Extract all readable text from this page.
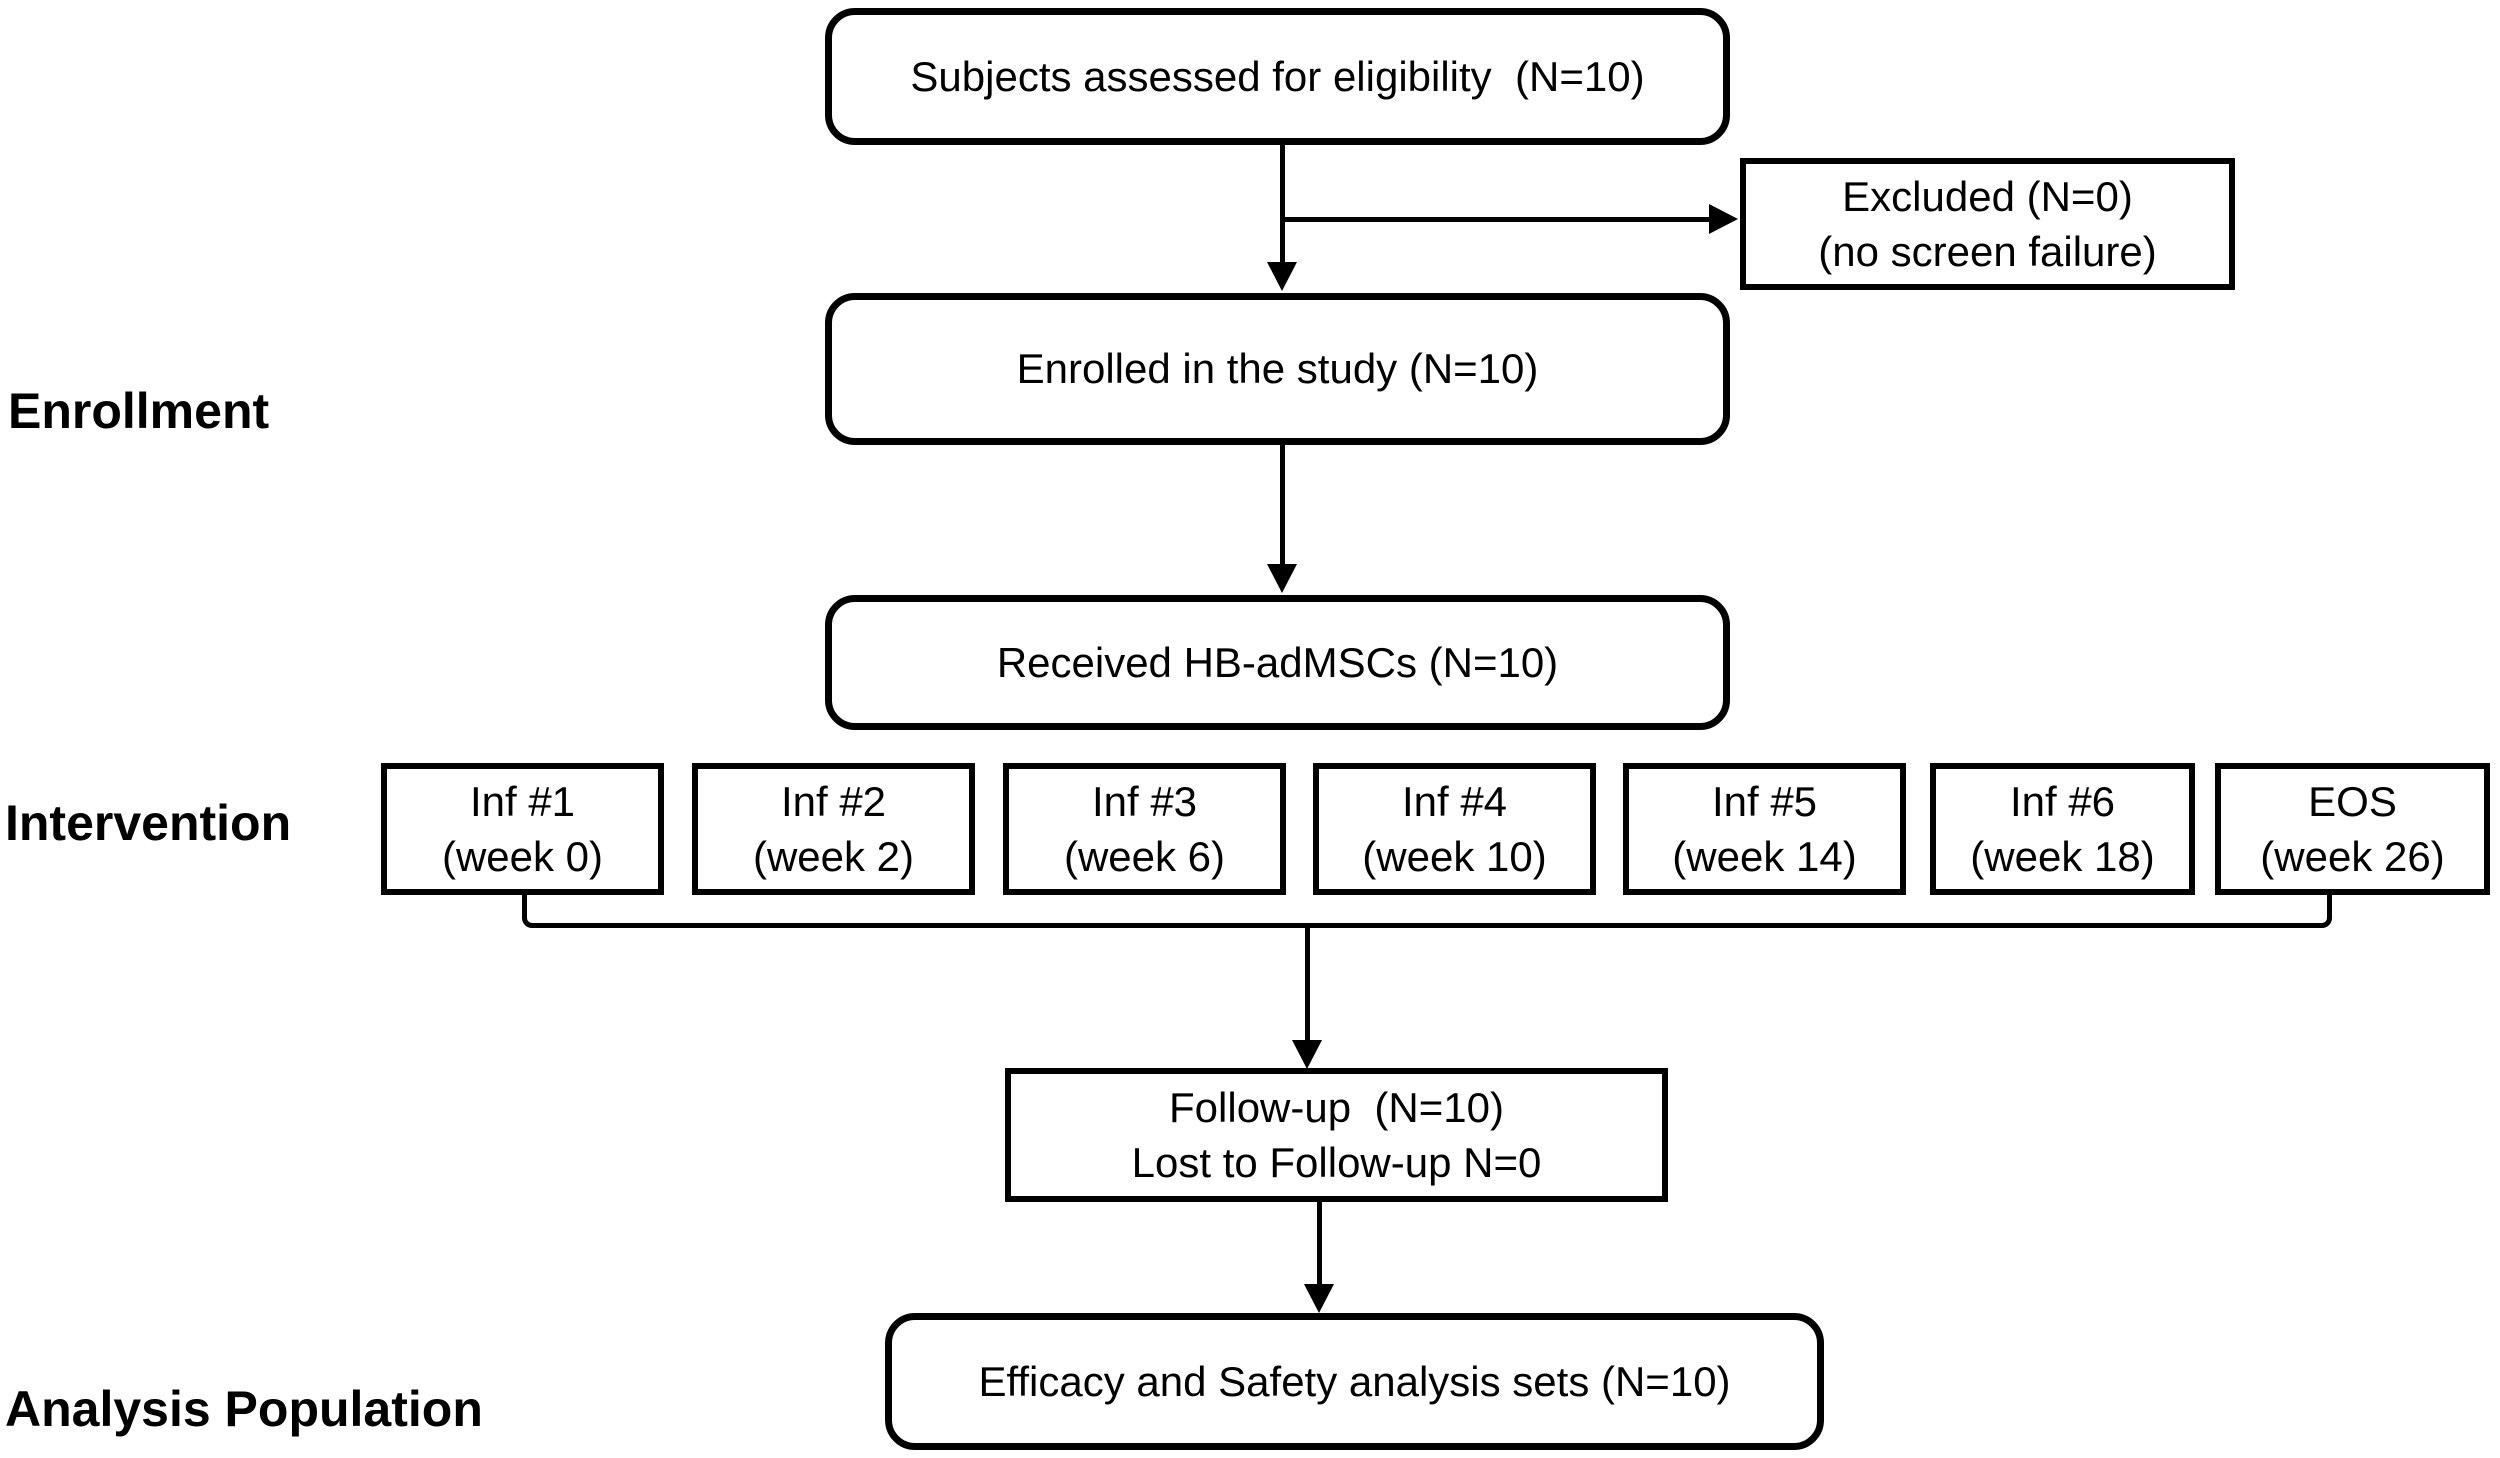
Enrollment
Intervention
Analysis Population
Subjects assessed for eligibility  (N=10)
Excluded (N=0)
(no screen failure)
Enrolled in the study (N=10)
Received HB-adMSCs (N=10)
Inf #1
(week 0)
Inf #2
(week 2)
Inf #3
(week 6)
Inf #4
(week 10)
Inf #5
(week 14)
Inf #6
(week 18)
EOS
(week 26)
Follow-up  (N=10)
Lost to Follow-up N=0
Efficacy and Safety analysis sets (N=10)
